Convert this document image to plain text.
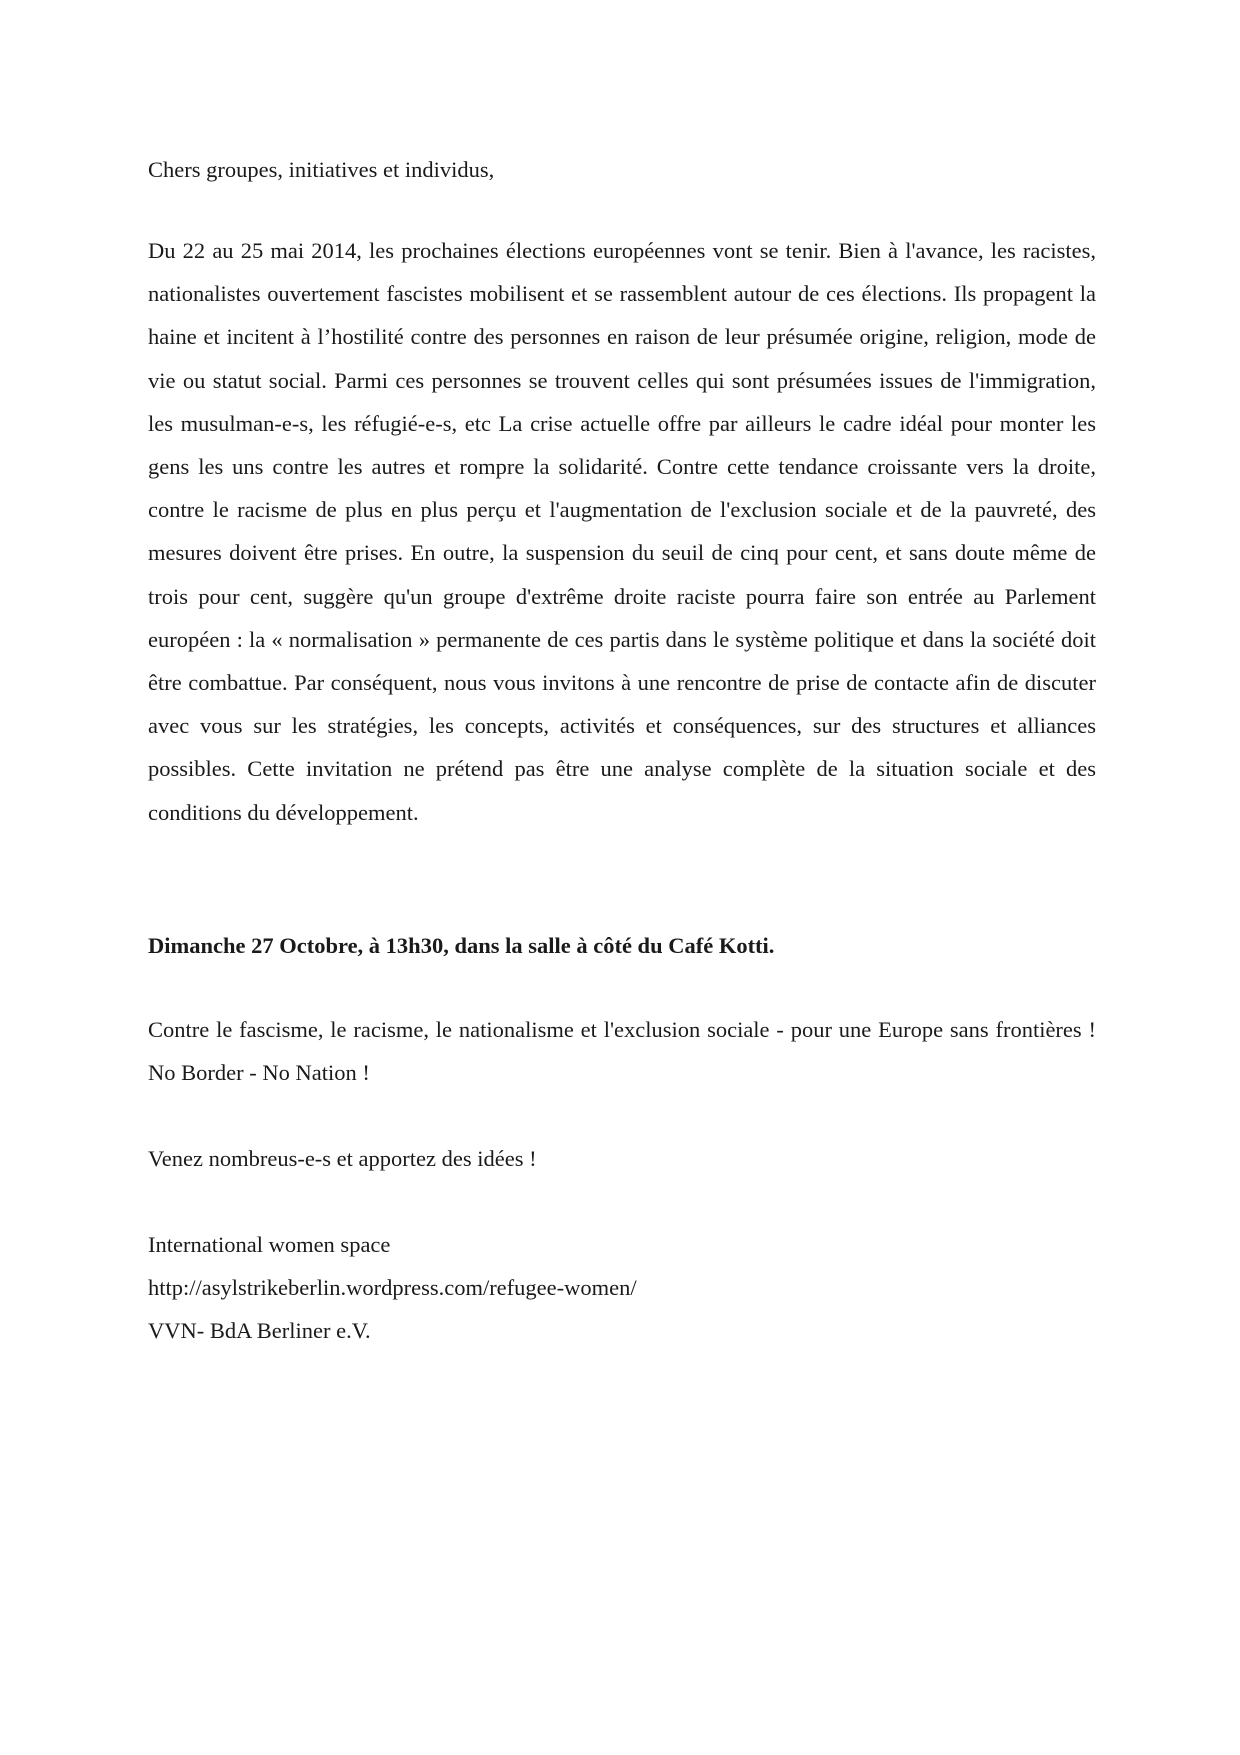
Chers groupes, initiatives et individus,

Du 22 au 25 mai 2014, les prochaines élections européennes vont se tenir. Bien à l'avance, les racistes, nationalistes ouvertement fascistes mobilisent et se rassemblent autour de ces élections. Ils propagent la haine et incitent à l’hostilité contre des personnes en raison de leur présumée origine, religion, mode de vie ou statut social. Parmi ces personnes se trouvent celles qui sont présumées issues de l'immigration, les musulman-e-s, les réfugié-e-s, etc La crise actuelle offre par ailleurs le cadre idéal pour monter les gens les uns contre les autres et rompre la solidarité. Contre cette tendance croissante vers la droite, contre le racisme de plus en plus perçu et l'augmentation de l'exclusion sociale et de la pauvreté, des mesures doivent être prises. En outre, la suspension du seuil de cinq pour cent, et sans doute même de trois pour cent, suggère qu'un groupe d'extrême droite raciste pourra faire son entrée au Parlement européen : la « normalisation » permanente de ces partis dans le système politique et dans la société doit être combattue. Par conséquent, nous vous invitons à une rencontre de prise de contacte afin de discuter avec vous sur les stratégies, les concepts, activités et conséquences, sur des structures et alliances possibles. Cette invitation ne prétend pas être une analyse complète de la situation sociale et des conditions du développement.

Dimanche 27 Octobre, à 13h30, dans la salle à côté du Café Kotti.

Contre le fascisme, le racisme, le nationalisme et l'exclusion sociale - pour une Europe sans frontières ! No Border - No Nation !

Venez nombreus-e-s et apportez des idées !

International women space
http://asylstrikeberlin.wordpress.com/refugee-women/
VVN- BdA Berliner e.V.
